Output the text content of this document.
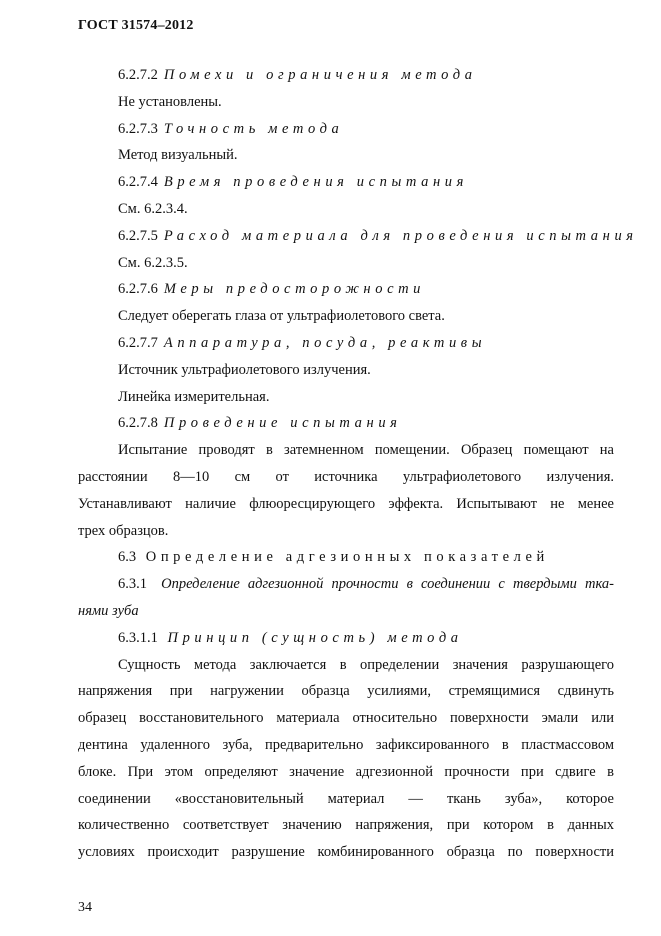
ГОСТ 31574–2012
6.2.7.2 Помехи и ограничения метода
Не установлены.
6.2.7.3 Точность метода
Метод визуальный.
6.2.7.4 Время проведения испытания
См. 6.2.3.4.
6.2.7.5 Расход материала для проведения испытания
См. 6.2.3.5.
6.2.7.6 Меры предосторожности
Следует оберегать глаза от ультрафиолетового света.
6.2.7.7 Аппаратура, посуда, реактивы
Источник ультрафиолетового излучения.
Линейка измерительная.
6.2.7.8 Проведение испытания
Испытание проводят в затемненном помещении. Образец помещают на
расстоянии 8—10 см от источника ультрафиолетового излучения.
Устанавливают наличие флюоресцирующего эффекта. Испытывают не менее
трех образцов.
6.3 Определение адгезионных показателей
6.3.1 Определение адгезионной прочности в соединении с твердыми тка-
нями зуба
6.3.1.1 Принцип (сущность) метода
Сущность метода заключается в определении значения разрушающего
напряжения при нагружении образца усилиями, стремящимися сдвинуть
образец восстановительного материала относительно поверхности эмали или
дентина удаленного зуба, предварительно зафиксированного в пластмассовом
блоке. При этом определяют значение адгезионной прочности при сдвиге в
соединении «восстановительный материал — ткань зуба», которое
количественно соответствует значению напряжения, при котором в данных
условиях происходит разрушение комбинированного образца по поверхности
34
